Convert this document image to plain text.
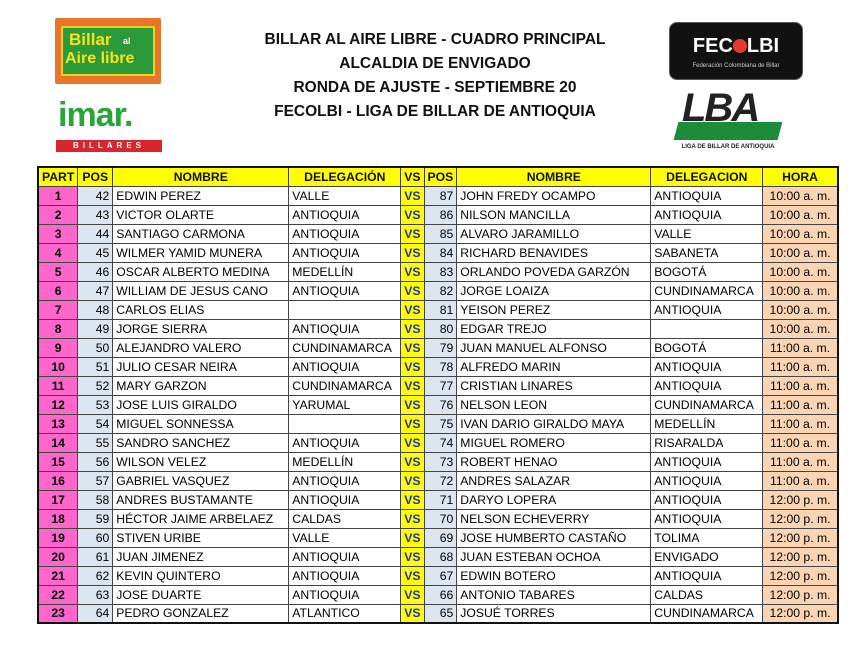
Billar al
Aire libre
imar.
BILLARES
BILLAR AL AIRE LIBRE - CUADRO PRINCIPAL
ALCALDIA DE ENVIGADO
RONDA DE AJUSTE - SEPTIEMBRE 20
FECOLBI - LIGA DE BILLAR DE ANTIOQUIA
FEC LBI
Federación Colombiana de Billar
LBA
LIGA DE BILLAR DE ANTIOQUIA
PART	POS	NOMBRE	DELEGACIÓN	VS	POS	NOMBRE	DELEGACION	HORA
1	42	EDWIN PEREZ	VALLE	VS	87	JOHN FREDY OCAMPO	ANTIOQUIA	10:00 a. m.
2	43	VICTOR OLARTE	ANTIOQUIA	VS	86	NILSON MANCILLA	ANTIOQUIA	10:00 a. m.
3	44	SANTIAGO CARMONA	ANTIOQUIA	VS	85	ALVARO JARAMILLO	VALLE	10:00 a. m.
4	45	WILMER YAMID MUNERA	ANTIOQUIA	VS	84	RICHARD BENAVIDES	SABANETA	10:00 a. m.
5	46	OSCAR ALBERTO MEDINA	MEDELLÍN	VS	83	ORLANDO POVEDA GARZÓN	BOGOTÁ	10:00 a. m.
6	47	WILLIAM DE JESUS CANO	ANTIOQUIA	VS	82	JORGE LOAIZA	CUNDINAMARCA	10:00 a. m.
7	48	CARLOS ELIAS		VS	81	YEISON PEREZ	ANTIOQUIA	10:00 a. m.
8	49	JORGE SIERRA	ANTIOQUIA	VS	80	EDGAR TREJO		10:00 a. m.
9	50	ALEJANDRO VALERO	CUNDINAMARCA	VS	79	JUAN MANUEL ALFONSO	BOGOTÁ	11:00 a. m.
10	51	JULIO CESAR NEIRA	ANTIOQUIA	VS	78	ALFREDO MARIN	ANTIOQUIA	11:00 a. m.
11	52	MARY GARZON	CUNDINAMARCA	VS	77	CRISTIAN LINARES	ANTIOQUIA	11:00 a. m.
12	53	JOSE LUIS GIRALDO	YARUMAL	VS	76	NELSON LEON	CUNDINAMARCA	11:00 a. m.
13	54	MIGUEL SONNESSA		VS	75	IVAN DARIO GIRALDO MAYA	MEDELLÍN	11:00 a. m.
14	55	SANDRO SANCHEZ	ANTIOQUIA	VS	74	MIGUEL ROMERO	RISARALDA	11:00 a. m.
15	56	WILSON VELEZ	MEDELLÍN	VS	73	ROBERT HENAO	ANTIOQUIA	11:00 a. m.
16	57	GABRIEL VASQUEZ	ANTIOQUIA	VS	72	ANDRES SALAZAR	ANTIOQUIA	11:00 a. m.
17	58	ANDRES BUSTAMANTE	ANTIOQUIA	VS	71	DARYO LOPERA	ANTIOQUIA	12:00 p. m.
18	59	HÉCTOR JAIME ARBELAEZ	CALDAS	VS	70	NELSON ECHEVERRY	ANTIOQUIA	12:00 p. m.
19	60	STIVEN URIBE	VALLE	VS	69	JOSE HUMBERTO CASTAÑO	TOLIMA	12:00 p. m.
20	61	JUAN JIMENEZ	ANTIOQUIA	VS	68	JUAN ESTEBAN OCHOA	ENVIGADO	12:00 p. m.
21	62	KEVIN QUINTERO	ANTIOQUIA	VS	67	EDWIN BOTERO	ANTIOQUIA	12:00 p. m.
22	63	JOSE DUARTE	ANTIOQUIA	VS	66	ANTONIO TABARES	CALDAS	12:00 p. m.
23	64	PEDRO GONZALEZ	ATLANTICO	VS	65	JOSUÉ TORRES	CUNDINAMARCA	12:00 p. m.
